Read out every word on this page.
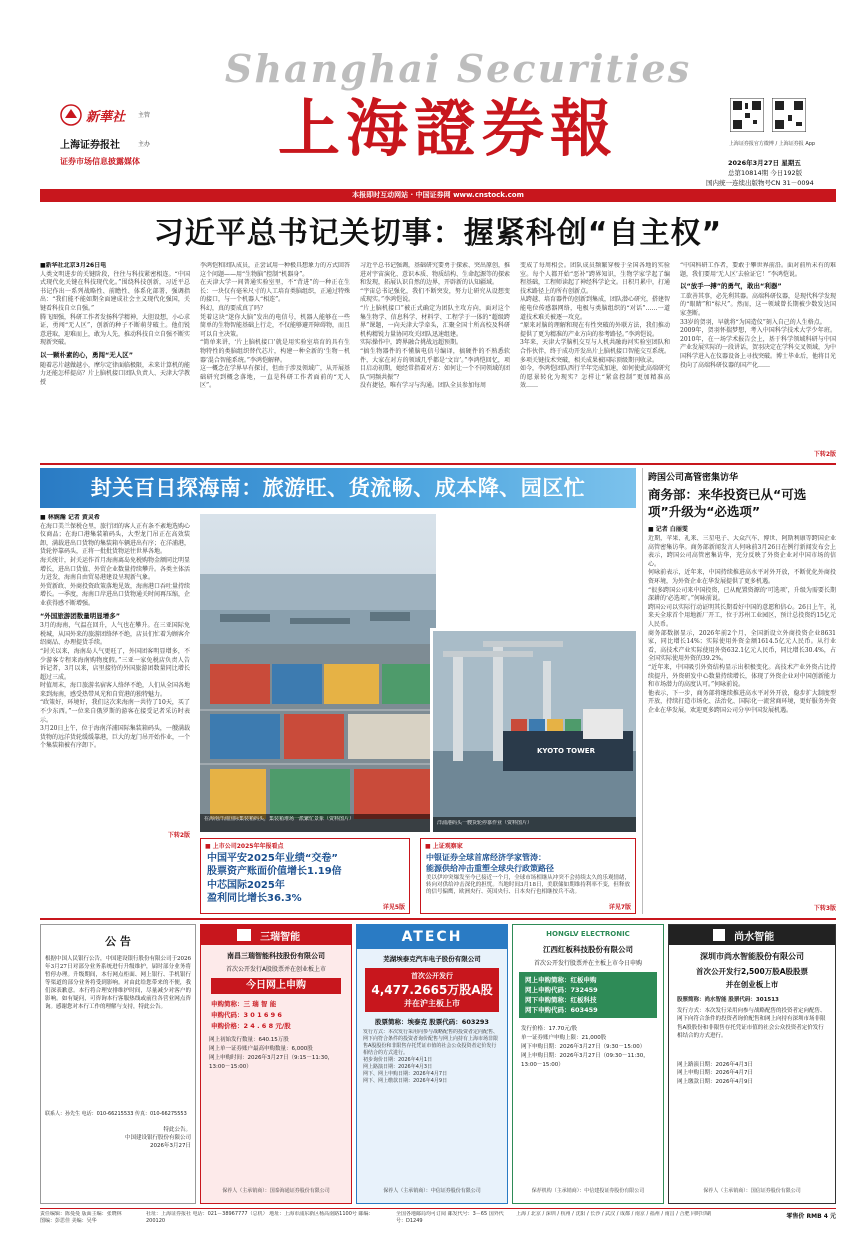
Shanghai Securities
上海證券報
新華社 主管
上海证券报社	主办
证券市场信息披露媒体
上海证券报官方微博 / 上海证券报 App
2026年3月27日 星期五
总第10814期 今日192版
国内统一连续出版物号CN 31－0094
本报即时互动网站 · 中国证券网 www.cnstock.com
习近平总书记关切事：握紧科创“自主权”
■新华社北京3月26日电
人类文明进步的关键阶段，往往与科技紧密相连。“中国式现代化关键在科技现代化。”围绕科技创新，习近平总书记作出一系列战略性、前瞻性、体系化部署，强调指出：“我们能不能如期全面建成社会主义现代化强国，关键看科技自立自强。”
腾飞图强，科研工作者发扬科学精神，大胆设想，小心求证，勇闯“无人区”，创新的种子不断萌芽破土。他们锐意进取，迎难而上，敢为人先，推动科技自立自强不断实现新突破。
以一颗朴素的心，勇闯“无人区”
随着芯片越做越小，摩尔定律面临极限，未来计算机的能力还能怎样提高？片上脑机接口团队负责人、天津大学教授
李鸿恺和团队成员，正尝试用一种极具想象力的方式回答这个问题——用“生物脑”控制“机器身”。
在天津大学一间普通实验室里，不“背进”的一种正在生长：一块仅有毫米尺寸的人工培育类脑组织，正通过特殊的接口，与一个机器人“相连”。
科幻，真的要成真了吗？
凭着这块“迷你大脑”发出的电信号，机器人能够在一些简单的生物智能基础上行走，不仅能够避开障碍物，而且可以自主决策。
“简单来讲，‘片上脑机接口’就是用实验室培育的具有生物特性的类脑组织替代芯片，构建一种全新的‘生物－机器’混合智能系统。”李鸿恺解释。
这一概念在学界早有探讨，但由于涉及领域广，从开展基础研究到概念落地，一直是科研工作者面前的“无人区”。
习近平总书记强调，基础研究要勇于探索、突出原创，推进对宇宙演化、意识本质、物质结构、生命起源等的探索和发现，拓展认识自然的边界，开辟新的认知疆域。
“宇宙总书记强化，我们不断突发，努力让研究从设想变成现实。”李鸿恺说。
“片上脑机接口”被正式确定为团队主攻方向，面对这个集生物学、信息科学、材料学、工程学于一体的“超级跨界”课题，一向天津大学牵头，汇聚全国十所高校及科研机构精锐力量协同攻关团队迅速组建。
实际操作中，跨界融合挑战远超预期。
“搞生物器件的不懂脑电信号编译，搞硬件的不熟悉软件，大家在对方的领域几乎都是‘文盲’。”李鸿恺回忆，项目启动初期，她经常指着对方：如何让一个不同领域的团队“同频共振”？
没有捷径，唯有学习与沟通。团队全员参加每周
变成了每周相会。团队成员频繁穿梭于全国各地的实验室。每个人都开始“恶补”跨界知识，生物学家学起了编程基础，工程师读起了神经科学论文。日积月累中，打通技术路径上的所有创新点。
从跨越、培育器件的创新到集成，团队潜心研究，搭建智能电位传感器网络，电极与类脑组织的“对话”……一道道技术难关被逐一攻克。
“原来对脑的理解和现在有性突破的外联方法，我们推动提供了更为精准的产业方向的参考路径。”李鸿恺说。
3年来，天津大学脑机交互与人机共融海河实验室团队和合作伙伴，终于成功开发出片上脑机接口智能交互系统。多项关键技术突破，相关成果被国际顶级期刊收录。
如今，李鸿恺团队西行半年完成加速，如何使此高端研究的愿景转化为现实？怎样让“紧盒控制”更加精准高效……
“中国科研工作者，要敢于攀世界前沿。面对前所未有的难题，我们要用‘无人区’去验证它！”李鸿恺说。
以“放手一搏”的勇气，敢出“利器”
工欲善其事，必先利其器。高端科研仪器，是现代科学发现的“眼睛”和“标尺”。然而，这一领域曾长期被少数发达国家垄断。
33岁的贺羽，早就将“为国造仪”刻入自己的人生格点。
2009年，贺羽怀揣梦想，考入中国科学技术大学少年班。2010年，在一场学术报告会上，基于科学领域科研与中国产业发展实际的一段讲话，贺羽决定在学科交叉领域，为中国科学进入在仪器设备上寻找突破。博士毕业后，他将目光投向了高端科研仪器的国产化……
下转2版
封关百日探海南：旅游旺、货流畅、成本降、园区忙
■ 林婉瀚 记者 黄灵希
在海口美兰保税仓里，旅行团的客人正有条不紊地选购心仪商品；在海口港集装箱码头，大型龙门吊正在高效装卸，满载进出口货物的集装箱车辆进出有序；在洋浦港，货轮停靠码头，正将一批批货物运往世界各地。
海关统计，封关运作首月海南离岛免税购物金额同比明显增长，进出口货值、外贸企业数量持续攀升。各类主体活力迸发，海南自由贸易港建设呈现新气象。
外贸新政、外商投资政策落地见效，海南港口吞吐量持续增长。一季度，海南口岸进出口货物通关时间再压缩，企业获得感不断增强。
“外国旅游团数量明显增多”
3月的海南，气温在回升，人气也在攀升。在三亚国际免税城，从国外来的旅游团络绎不绝，店员们忙着为顾客介绍商品、办理提货手续。
“封关以来，海南岛人气更旺了，外国团客明显增多，不少游客专程来海南购物度假。”三亚一家免税店负责人告诉记者，3月以来，店里接待的外国旅游团数量同比增长超过三成。
时值周末，海口旅游名宿客人络绎不绝，人们从全国各地来到海南，感受热带风光和自贸港的独特魅力。
“政策好，环境好，我们这次来海南一共待了10天，买了不少东西。”一位来自俄罗斯的游客在接受记者采访时表示。
3月20日上午，位于海南洋浦国际集装箱码头，一艘满载货物的远洋货轮缓缓靠港，巨大的龙门吊开始作业，一个个集装箱被有序卸下。
下转2版
在海南洋浦国际集装箱码头，集装箱堆场一派繁忙景象（资料图片）
KYOTO TOWER
洋浦港码头一艘货轮停靠作业（资料图片）
跨国公司高管密集访华
商务部：来华投资已从“可选项”升级为“必选项”
■ 记者 白丽雯
近期，苹果、礼来、三星电子、大众汽车、博世、阿斯利康等跨国企业高管密集访华。商务部新闻发言人何咏前3月26日在例行新闻发布会上表示，跨国公司高管密集访华，充分反映了外资企业对中国市场的信心。
何咏前表示，近年来，中国持续推进高水平对外开放，不断优化外商投资环境，为外资企业在华发展提供了更多机遇。
“很多跨国公司来中国投资，已从配置资源的‘可选项’，升级为需要长期深耕的‘必选项’。”何咏前说。
跨国公司以实际行动证明其长期看好中国的意愿和信心。26日上午，礼来天全球首个用地新厂开工，位于苏州工业园区，预计总投资约15亿元人民币。
商务部数据显示，2026年前2个月，全国新设立外商投资企业8631家，同比增长14%；实际使用外资金额1614.5亿元人民币。从行业看，高技术产业实际使用外资632.1亿元人民币，同比增长30.4%，占全国实际使用外资的39.2%。
“近年来，中国吸引外资结构显示出积极变化。高技术产业外资占比持续提升，外资研发中心数量持续增长，体现了外资企业对中国创新能力和市场潜力的高度认可。”何咏前说。
他表示，下一步，商务部将继续推进高水平对外开放，稳步扩大制度型开放，持续打造市场化、法治化、国际化一流营商环境，更好服务外资企业在华发展，欢迎更多跨国公司分享中国发展机遇。
下转3版
■ 上市公司2025年年报看点
中国平安2025年业绩“交卷”
股票资产账面价值增长1.19倍
中芯国际2025年
盈利同比增长36.3%
详见5版
■ 上证观察家
中银证券全球首席经济学家管涛：
能源供给冲击重塑全球央行政策路径
美以伊冲突爆发至今已接近一个月，全球市场相继从冲突不会持续太久的乐观情绪，转向对供给冲击深化的担忧。当地时间3月18日，美联储如期维持利率不变，但释放的信号偏鹰，欧洲央行、英国央行、日本央行也相继按兵不动。
详见7版
公 告
根据中国人民银行公告，中国建设银行股份有限公司于2026年3月27日对部分业务系统进行升级维护，届时部分业务将暂停办理。升级期间，本行网点柜面、网上银行、手机银行等渠道的部分业务将受到影响。对由此给您带来的不便，我们深表歉意。本行将合理安排维护时间，尽量减少对客户的影响。如有疑问，可咨询本行客服热线或前往各营业网点咨询。感谢您对本行工作的理解与支持，特此公告。
联系人：孙先生 电话：010-66215533 传真：010-66275553
特此公告。
中国建设银行股份有限公司
2026年3月27日
三瑞智能
南昌三瑞智能科技股份有限公司
首次公开发行A股股票并在创业板上市
今日网上申购
申购简称：三 瑞 智 能
申购代码：3 0 1 6 9 6
申购价格：2 4 . 6 8 元/股
网上初始发行数量：640.15万股
网上单一证券账户最高申购数量：6,000股
网上申购时间：2026年3月27日（9:15－11:30，13:00－15:00）
保荐人（主承销商）：国泰海通证券股份有限公司
ATECH
芜湖埃泰克汽车电子股份有限公司
首次公开发行
4,477.2665万股A股
并在沪主板上市
股票简称：埃泰克 股票代码：603293
发行方式：本次发行采用向参与战略配售的投资者定向配售、网下向符合条件的投资者询价配售与网上向持有上海市场非限售A股股份和非限售存托凭证市值的社会公众投资者定价发行相结合的方式进行。
初步询价日期：2026年4月1日
网上路演日期：2026年4月3日
网下、网上申购日期：2026年4月7日
网下、网上缴款日期：2026年4月9日
保荐人（主承销商）：中信证券股份有限公司
HONGLV ELECTRONIC
江西红板科技股份有限公司
首次公开发行股票并在主板上市今日申购
网上申购简称：红板申购
网上申购代码：732459
网下申购简称：红板科技
网下申购代码：603459
发行价格：17.70元/股
单一证券账户申购上限：21,000股
网下申购日期：2026年3月27日（9:30－15:00）
网上申购日期：2026年3月27日（09:30－11:30，13:00－15:00）
保荐机构（主承销商）：中信建投证券股份有限公司
尚水智能
深圳市尚水智能股份有限公司
首次公开发行2,500万股A股股票
并在创业板上市
股票简称：尚水智能 股票代码：301513
发行方式：本次发行采用向参与战略配售的投资者定向配售、网下向符合条件的投资者询价配售和网上向持有深圳市场非限售A股股份和非限售存托凭证市值的社会公众投资者定价发行相结合的方式进行。
网上路演日期：2026年4月3日
网上申购日期：2026年4月7日
网上缴款日期：2026年4月9日
保荐人（主承销商）：国信证券股份有限公司
责任编辑：陈曼曼 版面主编：张晓林
图编：彭思佳 美编：吴华
社址：上海证券报社 电话：021－38967777（总机） 地址：上海市浦东新区杨高南路1100号 邮编：200120
全国各地邮局均可订阅 邮发代号：3－65 国外代号：D1249
上海 / 北京 / 深圳 / 杭州 / 沈阳 / 长沙 / 武汉 / 成都 / 南京 / 福州 / 南昌 / 合肥 同时印刷	零售价 RMB 4 元
